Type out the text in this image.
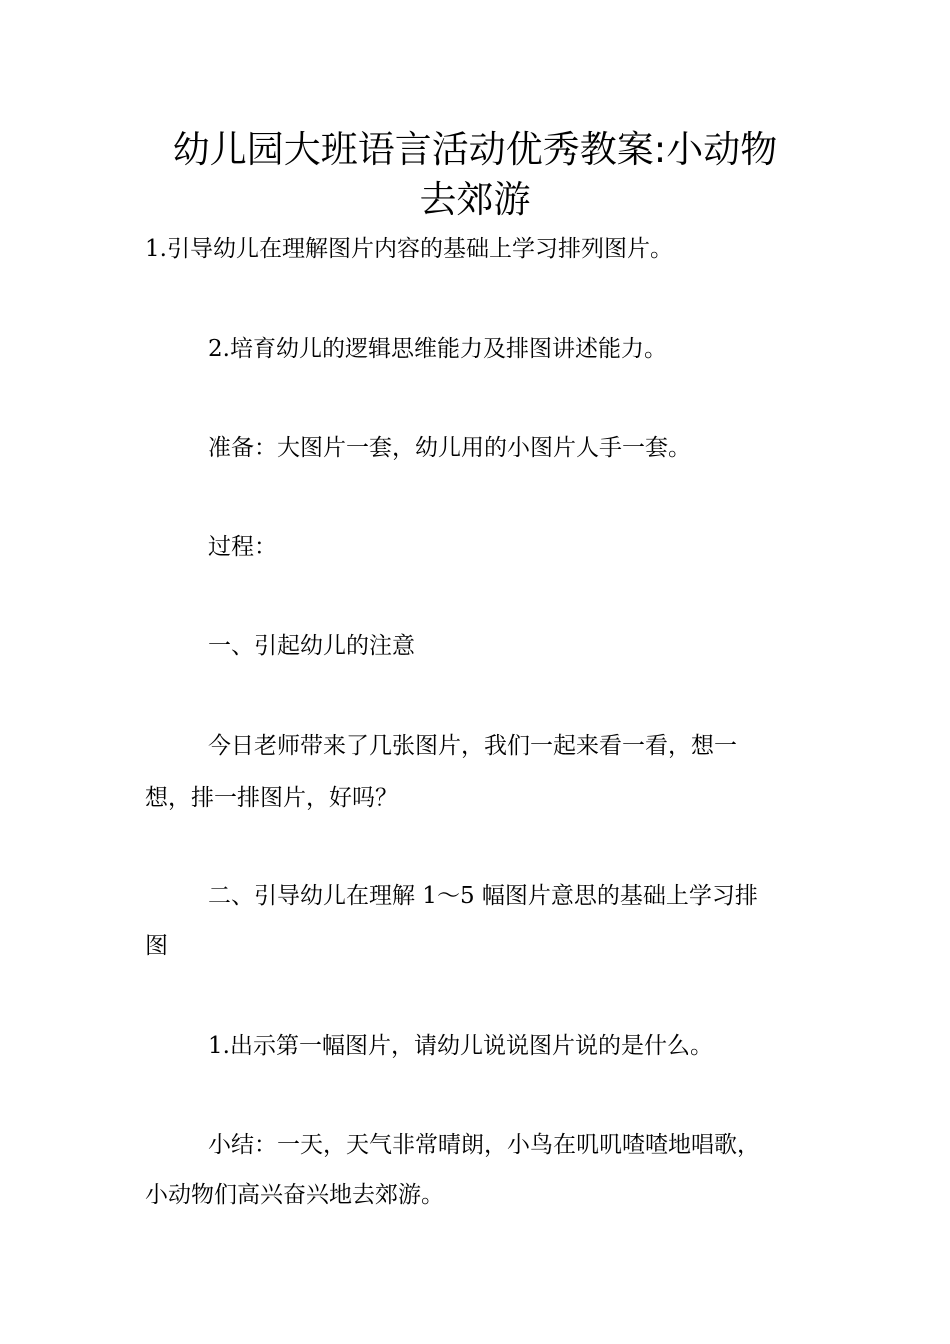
幼儿园大班语言活动优秀教案:小动物
去郊游

1.引导幼儿在理解图片内容的基础上学习排列图片。

2.培育幼儿的逻辑思维能力及排图讲述能力。

准备：大图片一套，幼儿用的小图片人手一套。

过程：

一、引起幼儿的注意

今日老师带来了几张图片，我们一起来看一看，想一

想，排一排图片，好吗？

二、引导幼儿在理解 1～5 幅图片意思的基础上学习排

图

1.出示第一幅图片，请幼儿说说图片说的是什么。

小结：一天，天气非常晴朗，小鸟在叽叽喳喳地唱歌，

小动物们高兴奋兴地去郊游。
